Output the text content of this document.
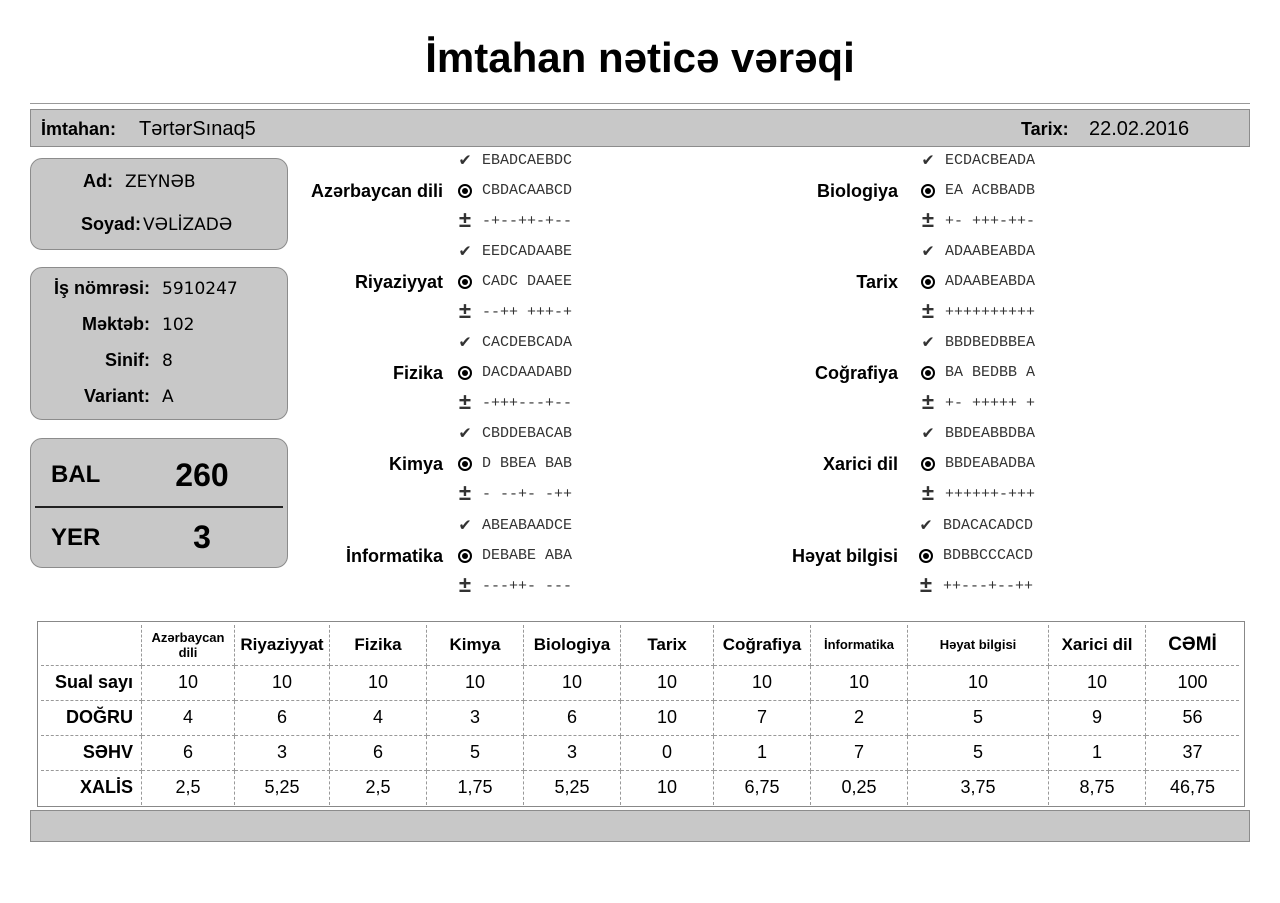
İmtahan nəticə vərəqi
İmtahan: TərtərSınaq5	Tarix: 22.02.2016
Ad: ZEYNƏB
Soyad: VƏLİZADƏ
İş nömrəsi: 5910247
Məktəb: 102
Sinif: 8
Variant: A
BAL	260
YER	3
Azərbaycan dili
✔ EBADCAEBDC
CBDACAABCD
± -+--++-+--
Riyaziyyat
✔ EEDCADAABE
CADC DAAEE
± --++ +++-+
Fizika
✔ CACDEBCADA
DACDAADABD
± -+++---+--
Kimya
✔ CBDDEBACAB
D BBEA BAB
± - --+- -++
İnformatika
✔ ABEABAADCE
DEBABE ABA
± ---++- ---
Biologiya
✔ ECDACBEADA
EA ACBBADB
± +- +++-++-
Tarix
✔ ADAABEABDA
ADAABEABDA
± ++++++++++
Coğrafiya
✔ BBDBEDBBEA
BA BEDBB A
± +- +++++ +
Xarici dil
✔ BBDEABBDBA
BBDEABADBA
± ++++++-+++
Həyat bilgisi
✔ BDACACADCD
BDBBCCCACD
± ++---+--++
	Azərbaycan dili	Riyaziyyat	Fizika	Kimya	Biologiya	Tarix	Coğrafiya	İnformatika	Həyat bilgisi	Xarici dil	CƏMİ
Sual sayı	10	10	10	10	10	10	10	10	10	10	100
DOĞRU	4	6	4	3	6	10	7	2	5	9	56
SƏHV	6	3	6	5	3	0	1	7	5	1	37
XALİS	2,5	5,25	2,5	1,75	5,25	10	6,75	0,25	3,75	8,75	46,75
